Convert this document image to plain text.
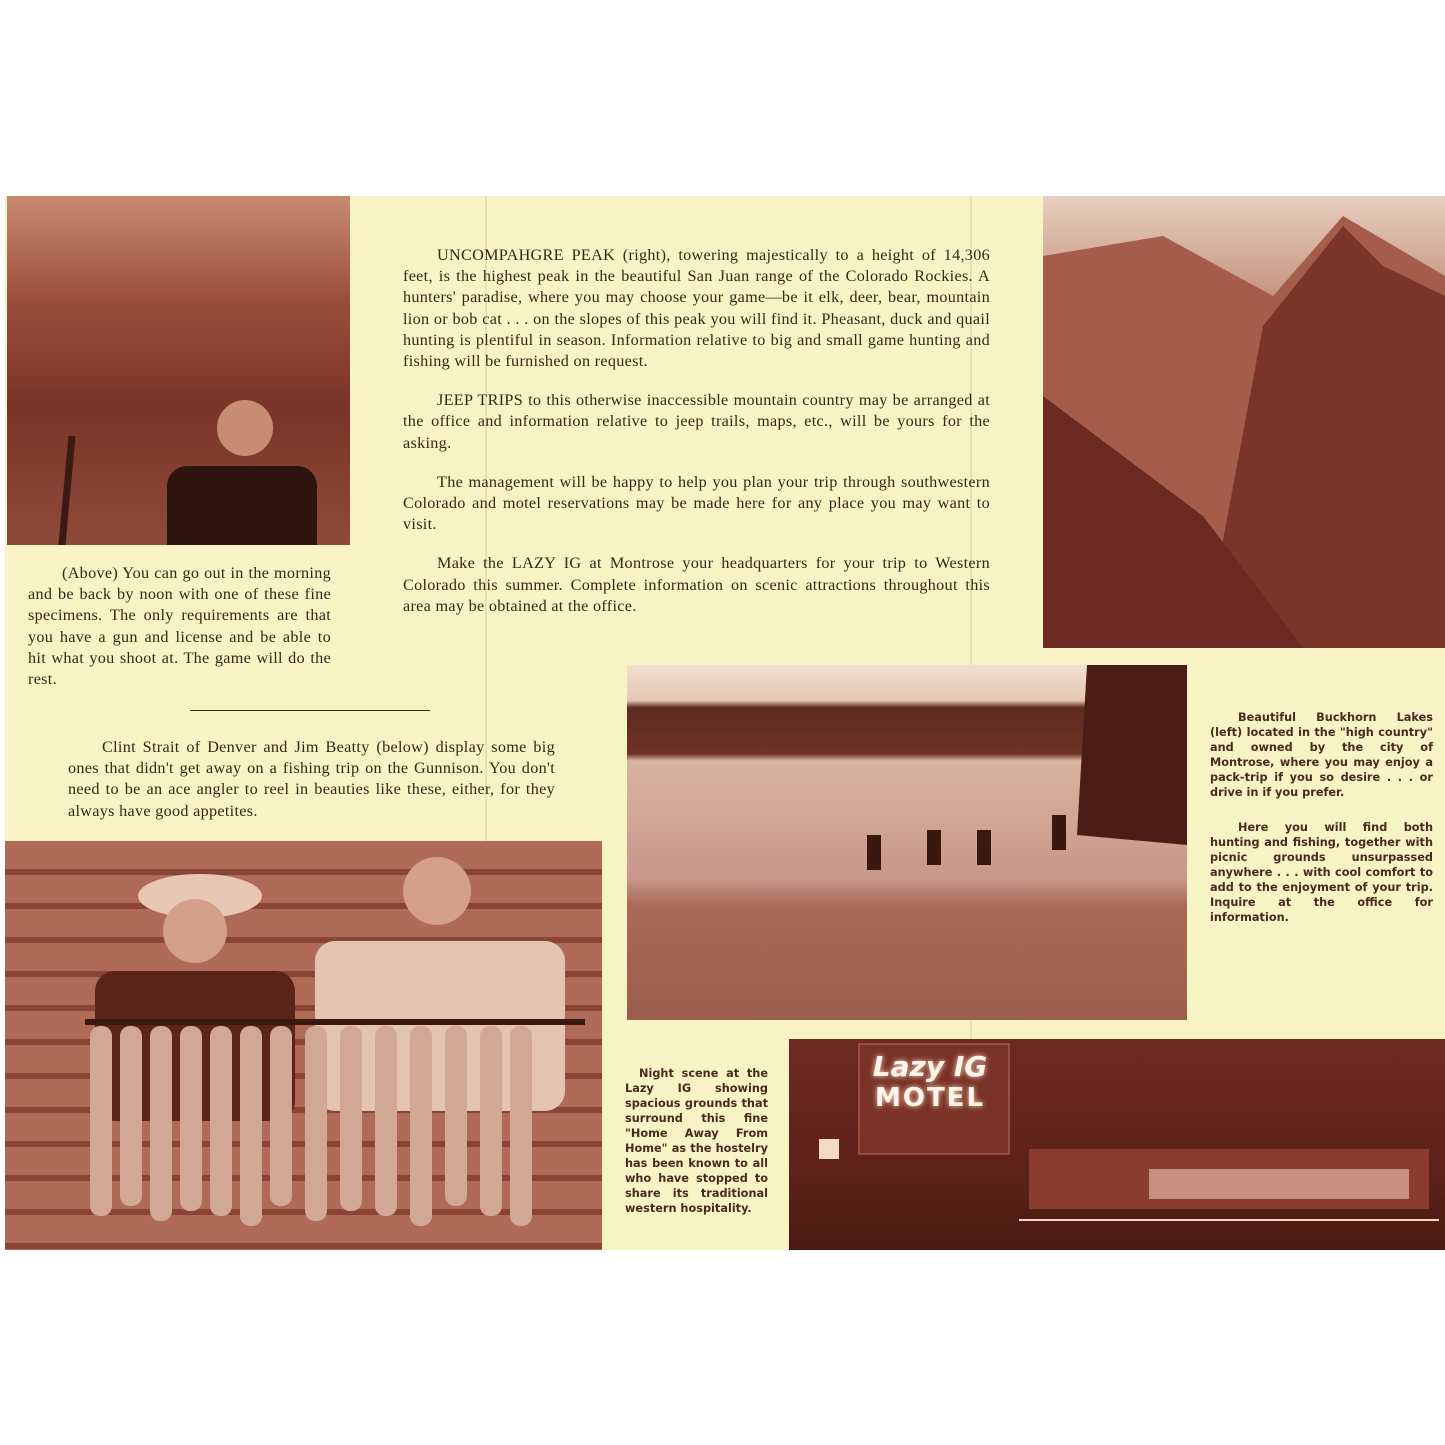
UNCOMPAHGRE PEAK (right), towering majestically to a height of 14,306 feet, is the highest peak in the beautiful San Juan range of the Colorado Rockies. A hunters' paradise, where you may choose your game—be it elk, deer, bear, mountain lion or bob cat . . . on the slopes of this peak you will find it. Pheasant, duck and quail hunting is plentiful in season. Information relative to big and small game hunting and fishing will be furnished on request.

JEEP TRIPS to this otherwise inaccessible mountain country may be arranged at the office and information relative to jeep trails, maps, etc., will be yours for the asking.

The management will be happy to help you plan your trip through southwestern Colorado and motel reservations may be made here for any place you may want to visit.

Make the LAZY IG at Montrose your headquarters for your trip to Western Colorado this summer. Complete information on scenic attractions throughout this area may be obtained at the office.

(Above) You can go out in the morning and be back by noon with one of these fine specimens. The only requirements are that you have a gun and license and be able to hit what you shoot at. The game will do the rest.

Clint Strait of Denver and Jim Beatty (below) display some big ones that didn't get away on a fishing trip on the Gunnison. You don't need to be an ace angler to reel in beauties like these, either, for they always have good appetites.

Beautiful Buckhorn Lakes (left) located in the "high country" and owned by the city of Montrose, where you may enjoy a pack-trip if you so desire . . . or drive in if you prefer.

Here you will find both hunting and fishing, together with picnic grounds unsurpassed anywhere . . . with cool comfort to add to the enjoyment of your trip. Inquire at the office for information.

Night scene at the Lazy IG showing spacious grounds that surround this fine "Home Away From Home" as the hostelry has been known to all who have stopped to share its traditional western hospitality.

Lazy IG
MOTEL
